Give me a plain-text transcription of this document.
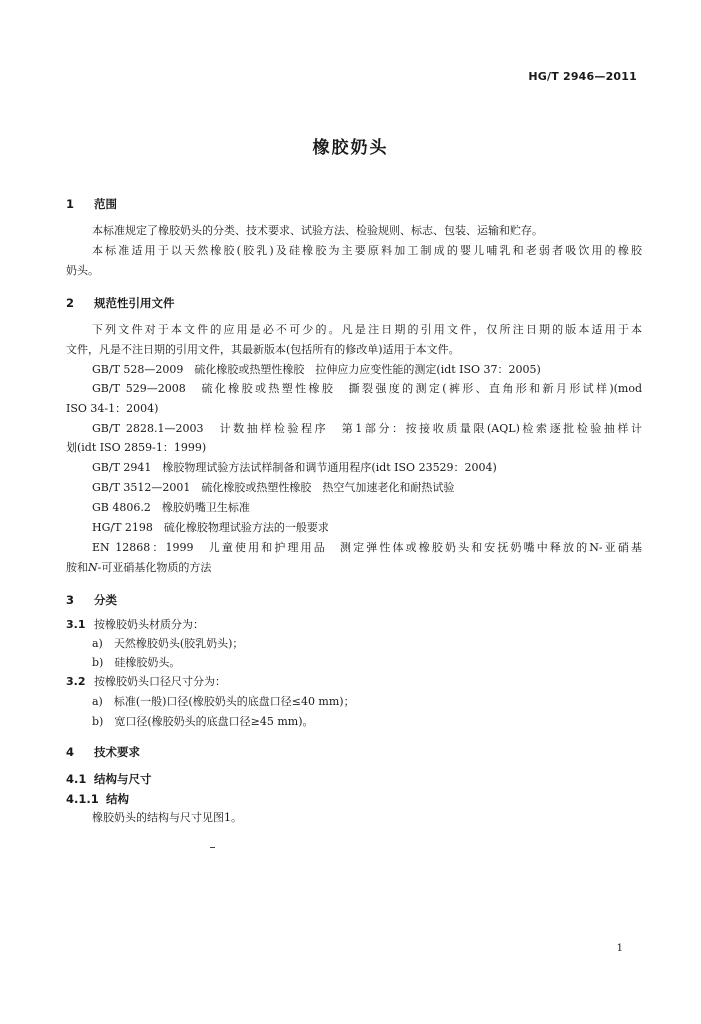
HG/T 2946—2011
橡胶奶头
1 范围
本标准规定了橡胶奶头的分类、技术要求、试验方法、检验规则、标志、包装、运输和贮存。
本标准适用于以天然橡胶(胶乳)及硅橡胶为主要原料加工制成的婴儿哺乳和老弱者吸饮用的橡胶
奶头。
2 规范性引用文件
下列文件对于本文件的应用是必不可少的。凡是注日期的引用文件，仅所注日期的版本适用于本
文件，凡是不注日期的引用文件，其最新版本(包括所有的修改单)适用于本文件。
GB/T 528—2009　硫化橡胶或热塑性橡胶　拉伸应力应变性能的测定(idt ISO 37：2005)
GB/T 529—2008　硫化橡胶或热塑性橡胶　撕裂强度的测定(裤形、直角形和新月形试样)(mod
ISO 34-1：2004)
GB/T 2828.1—2003　计数抽样检验程序　第1部分：按接收质量限(AQL)检索逐批检验抽样计
划(idt ISO 2859-1：1999)
GB/T 2941　橡胶物理试验方法试样制备和调节通用程序(idt ISO 23529：2004)
GB/T 3512—2001　硫化橡胶或热塑性橡胶　热空气加速老化和耐热试验
GB 4806.2　橡胶奶嘴卫生标准
HG/T 2198　硫化橡胶物理试验方法的一般要求
EN 12868：1999　儿童使用和护理用品　测定弹性体或橡胶奶头和安抚奶嘴中释放的N-亚硝基
胺和N-可亚硝基化物质的方法
3 分类
3.1 按橡胶奶头材质分为：
a)　天然橡胶奶头(胶乳奶头)；
b)　硅橡胶奶头。
3.2 按橡胶奶头口径尺寸分为：
a)　标准(一般)口径(橡胶奶头的底盘口径≤40 mm)；
b)　宽口径(橡胶奶头的底盘口径≥45 mm)。
4 技术要求
4.1 结构与尺寸
4.1.1 结构
橡胶奶头的结构与尺寸见图1。
1
